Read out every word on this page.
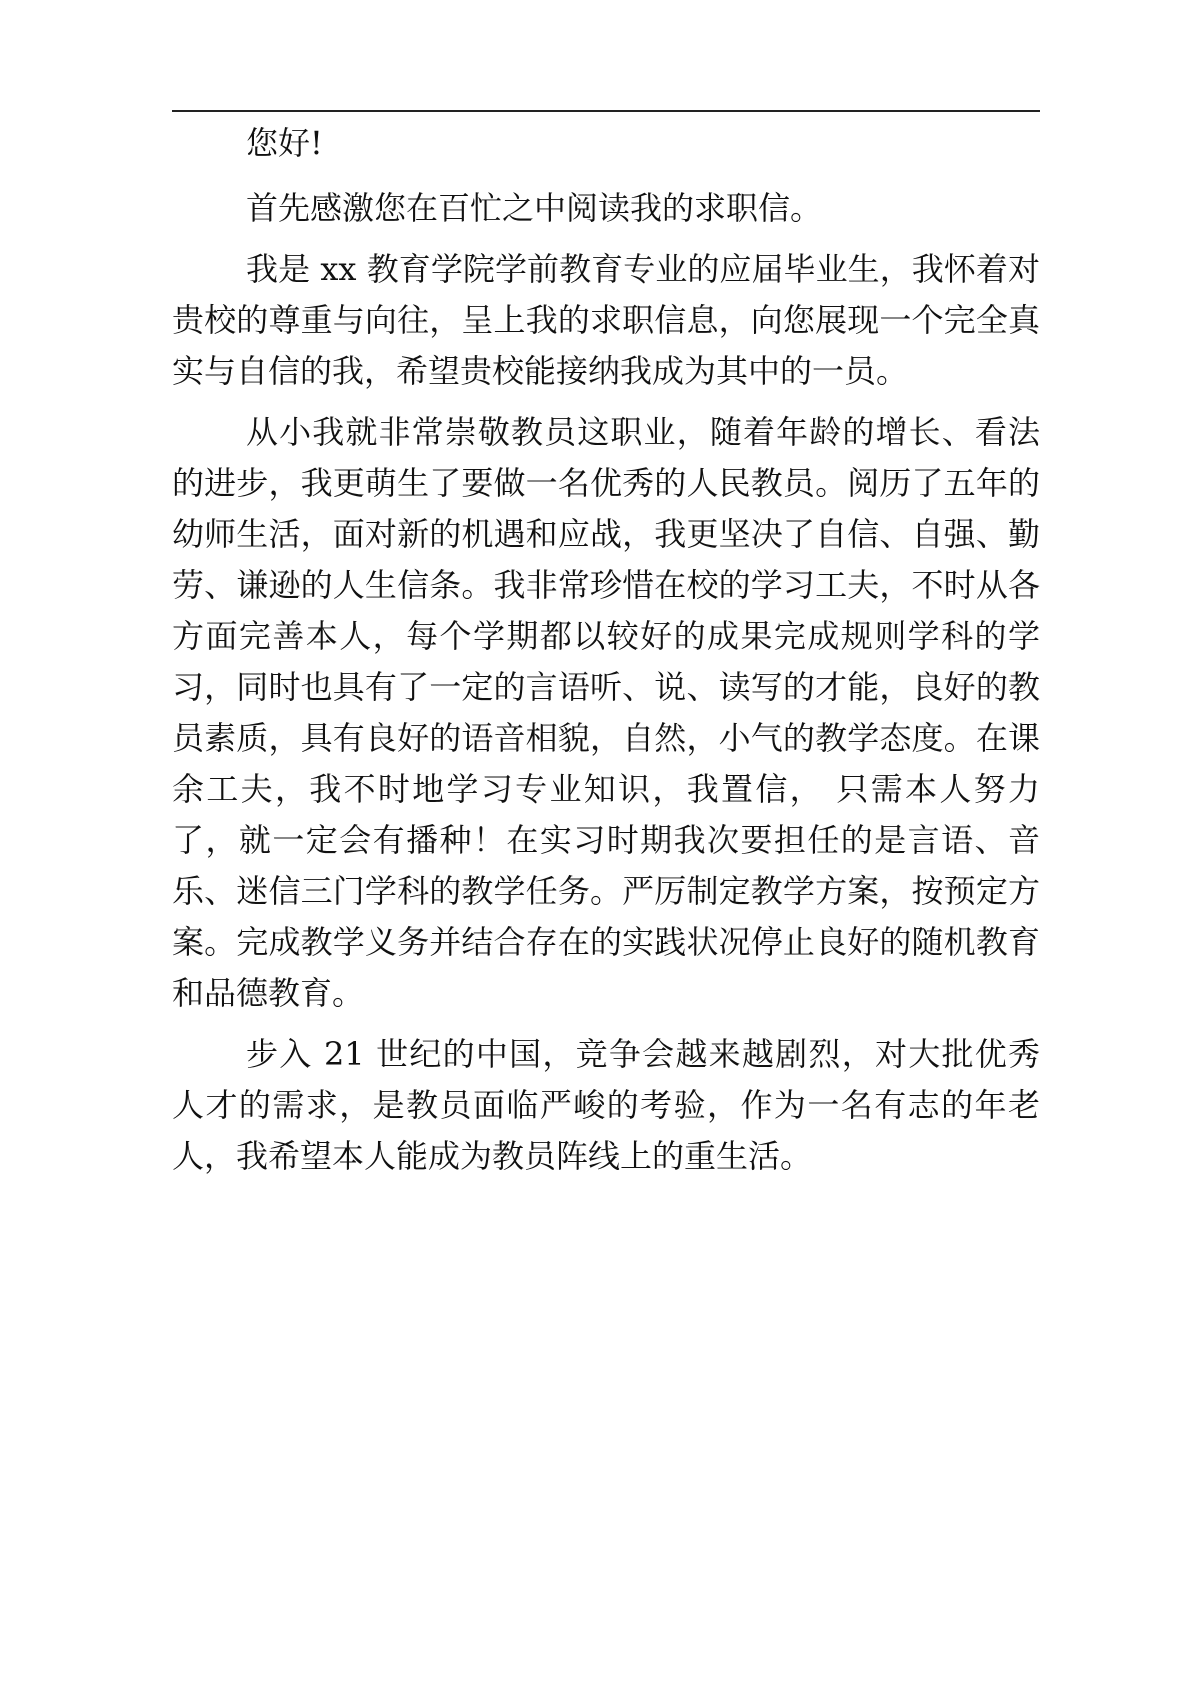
您好!

首先感激您在百忙之中阅读我的求职信。

我是 xx 教育学院学前教育专业的应届毕业生，我怀着对贵校的尊重与向往，呈上我的求职信息，向您展现一个完全真实与自信的我，希望贵校能接纳我成为其中的一员。

从小我就非常崇敬教员这职业，随着年龄的增长、看法的进步，我更萌生了要做一名优秀的人民教员。阅历了五年的幼师生活，面对新的机遇和应战，我更坚决了自信、自强、勤劳、谦逊的人生信条。我非常珍惜在校的学习工夫，不时从各方面完善本人，每个学期都以较好的成果完成规则学科的学习，同时也具有了一定的言语听、说、读写的才能，良好的教员素质，具有良好的语音相貌，自然，小气的教学态度。在课余工夫，我不时地学习专业知识，我置信， 只需本人努力了，就一定会有播种！在实习时期我次要担任的是言语、音乐、迷信三门学科的教学任务。严厉制定教学方案，按预定方案。完成教学义务并结合存在的实践状况停止良好的随机教育和品德教育。

步入 21 世纪的中国，竞争会越来越剧烈，对大批优秀人才的需求，是教员面临严峻的考验，作为一名有志的年老人，我希望本人能成为教员阵线上的重生活。
